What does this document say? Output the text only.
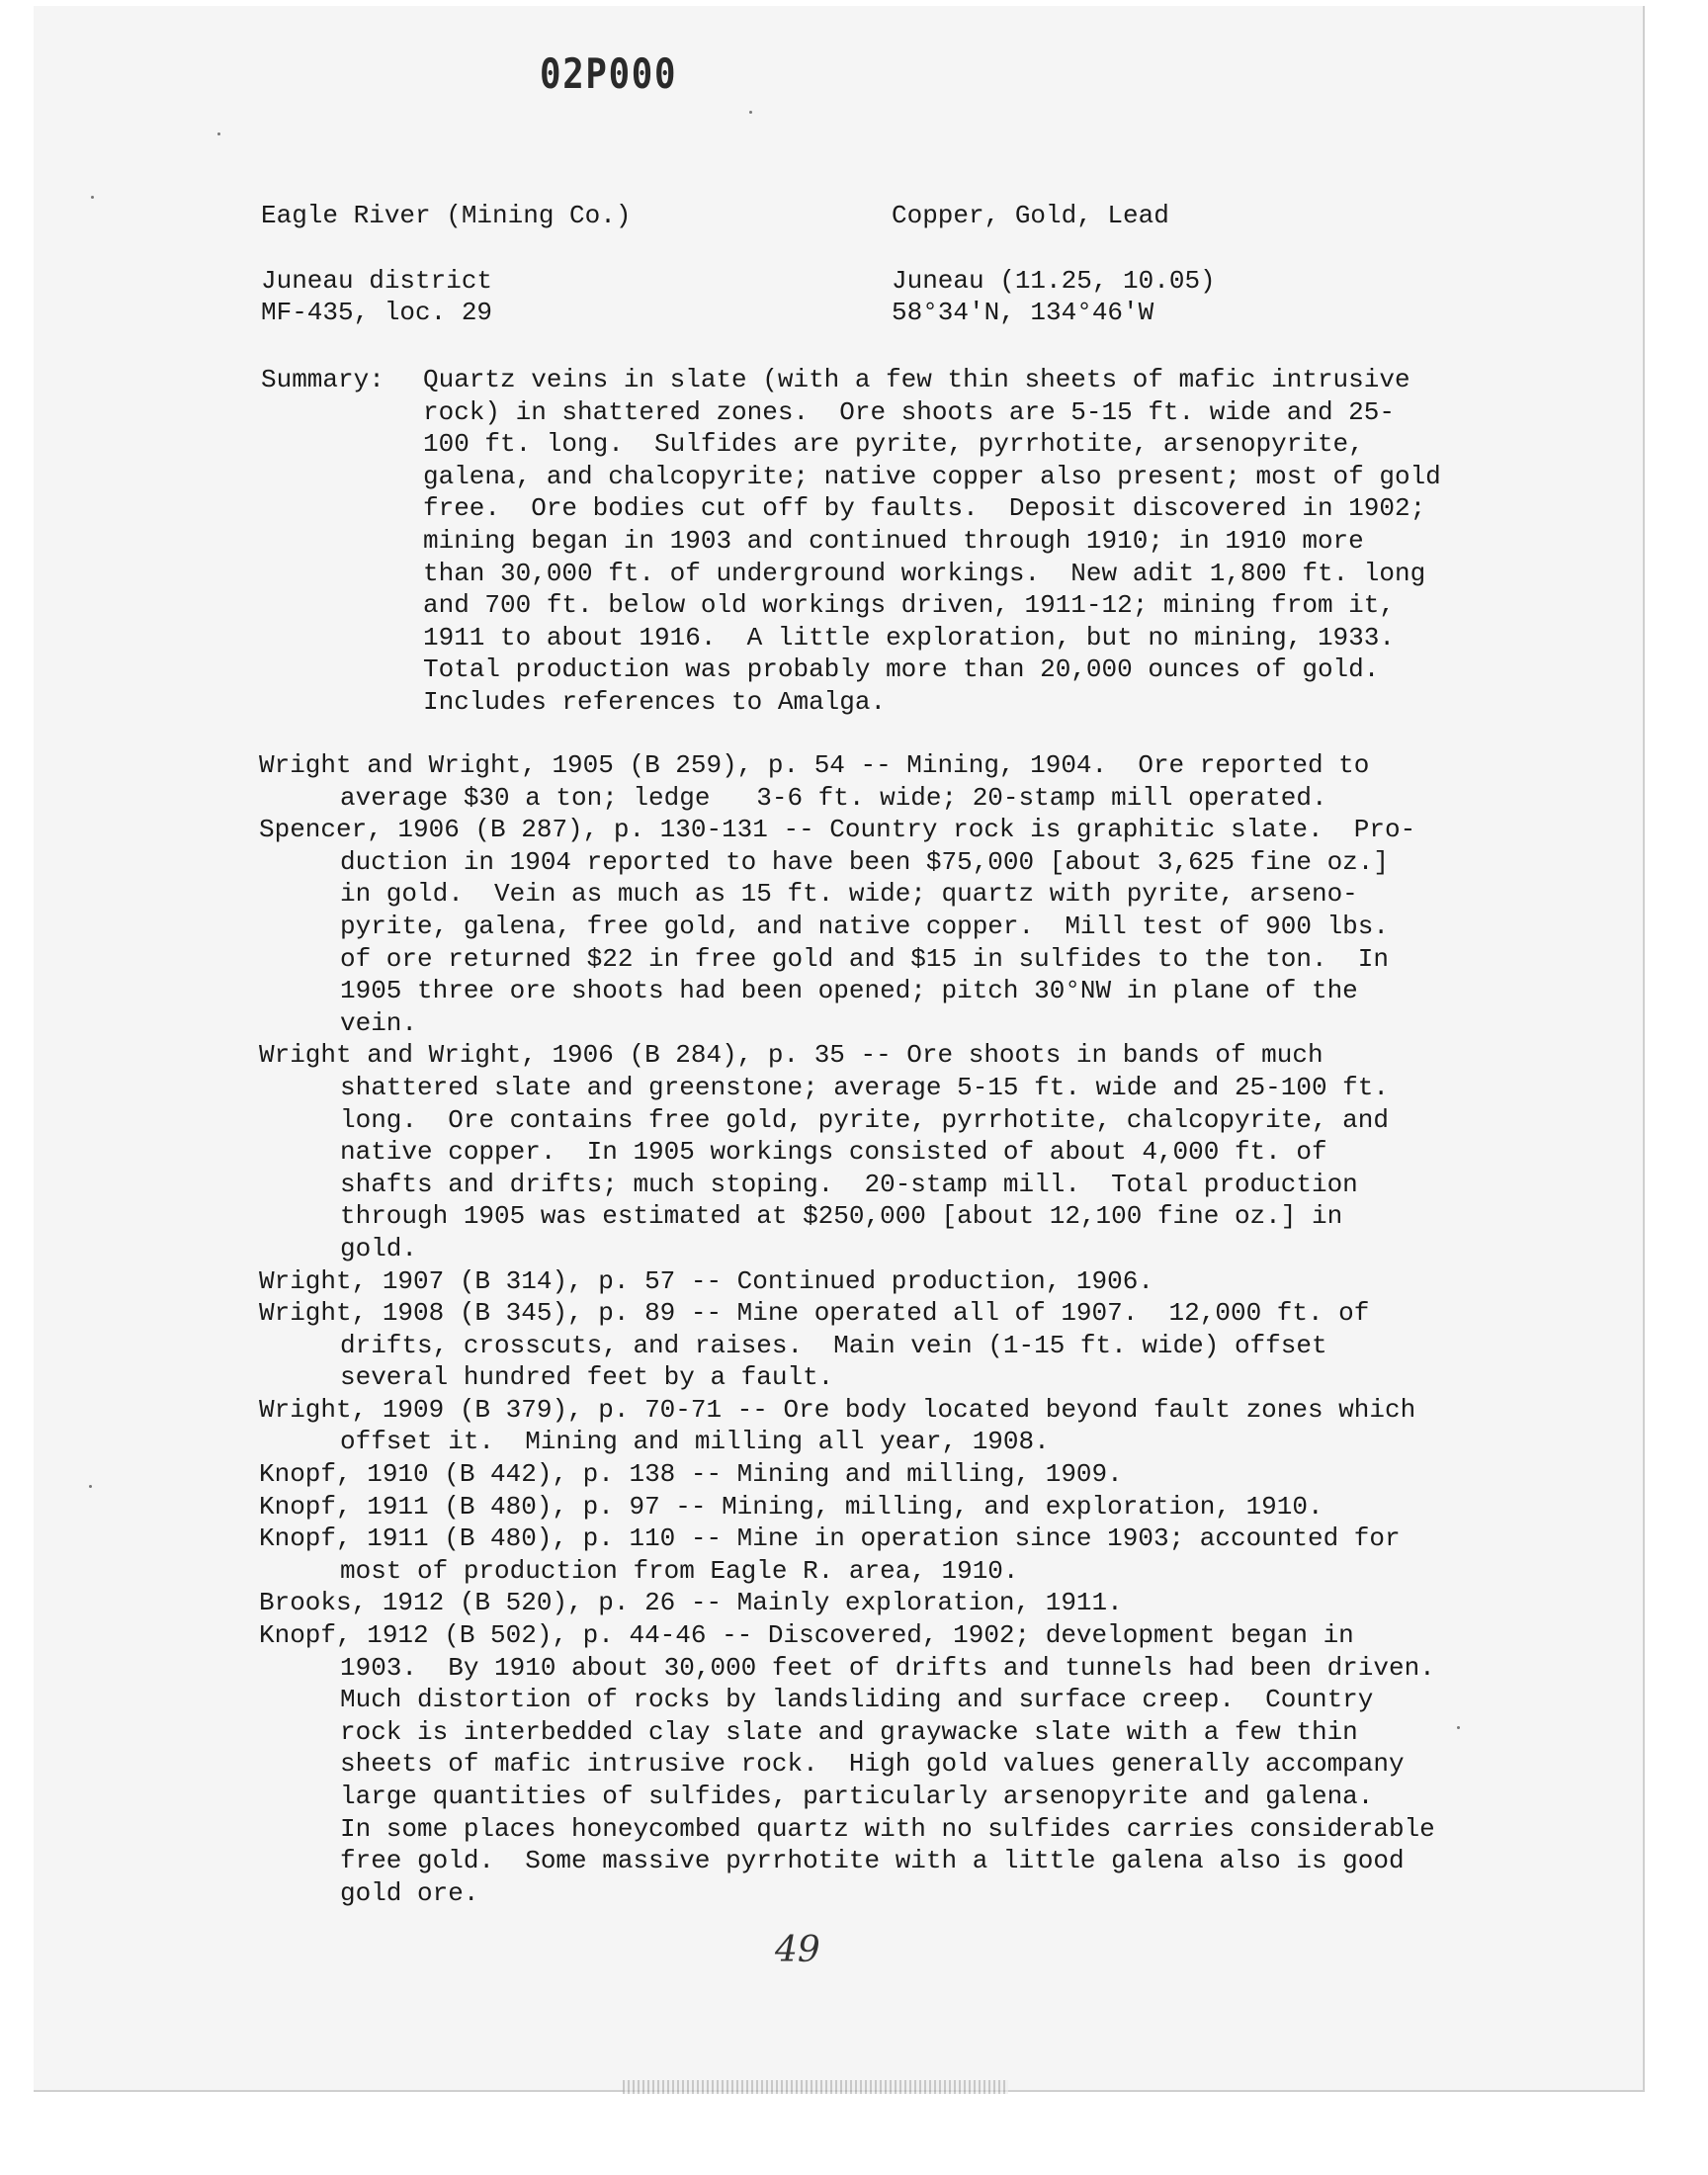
02P000
Eagle River (Mining Co.)	Copper, Gold, Lead
Juneau district	Juneau (11.25, 10.05)
MF-435, loc. 29	58°34'N, 134°46'W
Summary: Quartz veins in slate (with a few thin sheets of mafic intrusive
rock) in shattered zones.  Ore shoots are 5-15 ft. wide and 25-
100 ft. long.  Sulfides are pyrite, pyrrhotite, arsenopyrite,
galena, and chalcopyrite; native copper also present; most of gold
free.  Ore bodies cut off by faults.  Deposit discovered in 1902;
mining began in 1903 and continued through 1910; in 1910 more
than 30,000 ft. of underground workings.  New adit 1,800 ft. long
and 700 ft. below old workings driven, 1911-12; mining from it,
1911 to about 1916.  A little exploration, but no mining, 1933.
Total production was probably more than 20,000 ounces of gold.
Includes references to Amalga.
Wright and Wright, 1905 (B 259), p. 54 -- Mining, 1904.  Ore reported to
average $30 a ton; ledge   3-6 ft. wide; 20-stamp mill operated.
Spencer, 1906 (B 287), p. 130-131 -- Country rock is graphitic slate.  Pro-
duction in 1904 reported to have been $75,000 [about 3,625 fine oz.]
in gold.  Vein as much as 15 ft. wide; quartz with pyrite, arseno-
pyrite, galena, free gold, and native copper.  Mill test of 900 lbs.
of ore returned $22 in free gold and $15 in sulfides to the ton.  In
1905 three ore shoots had been opened; pitch 30°NW in plane of the
vein.
Wright and Wright, 1906 (B 284), p. 35 -- Ore shoots in bands of much
shattered slate and greenstone; average 5-15 ft. wide and 25-100 ft.
long.  Ore contains free gold, pyrite, pyrrhotite, chalcopyrite, and
native copper.  In 1905 workings consisted of about 4,000 ft. of
shafts and drifts; much stoping.  20-stamp mill.  Total production
through 1905 was estimated at $250,000 [about 12,100 fine oz.] in
gold.
Wright, 1907 (B 314), p. 57 -- Continued production, 1906.
Wright, 1908 (B 345), p. 89 -- Mine operated all of 1907.  12,000 ft. of
drifts, crosscuts, and raises.  Main vein (1-15 ft. wide) offset
several hundred feet by a fault.
Wright, 1909 (B 379), p. 70-71 -- Ore body located beyond fault zones which
offset it.  Mining and milling all year, 1908.
Knopf, 1910 (B 442), p. 138 -- Mining and milling, 1909.
Knopf, 1911 (B 480), p. 97 -- Mining, milling, and exploration, 1910.
Knopf, 1911 (B 480), p. 110 -- Mine in operation since 1903; accounted for
most of production from Eagle R. area, 1910.
Brooks, 1912 (B 520), p. 26 -- Mainly exploration, 1911.
Knopf, 1912 (B 502), p. 44-46 -- Discovered, 1902; development began in
1903.  By 1910 about 30,000 feet of drifts and tunnels had been driven.
Much distortion of rocks by landsliding and surface creep.  Country
rock is interbedded clay slate and graywacke slate with a few thin
sheets of mafic intrusive rock.  High gold values generally accompany
large quantities of sulfides, particularly arsenopyrite and galena.
In some places honeycombed quartz with no sulfides carries considerable
free gold.  Some massive pyrrhotite with a little galena also is good
gold ore.
49
